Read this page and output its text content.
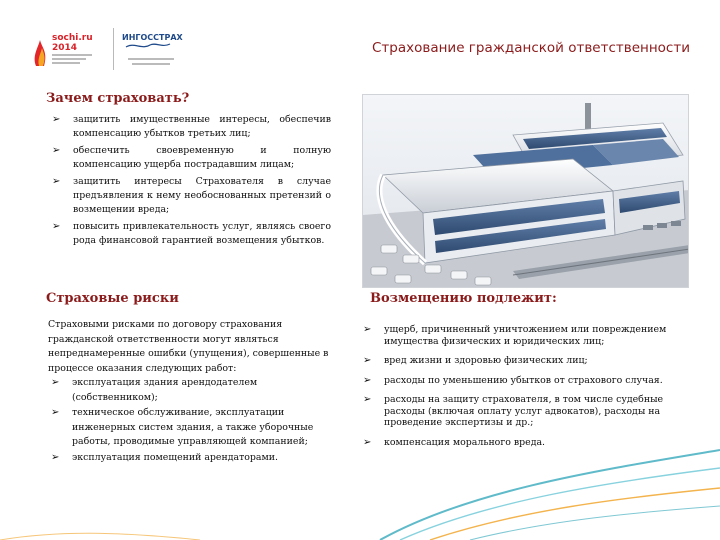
sochi.ru
2014
ИНГОССТРАХ
Страхование гражданской ответственности
Зачем страховать?
➢ защитить имущественные интересы, обеспечив компенсацию убытков третьих лиц;
➢ обеспечить своевременную и полную компенсацию ущерба пострадавшим лицам;
➢ защитить интересы Страхователя в случае предъявления к нему необоснованных претензий о возмещении вреда;
➢ повысить привлекательность услуг, являясь своего рода финансовой гарантией возмещения убытков.
Страховые риски

Страховыми рисками по договору страхования гражданской ответственности могут являться непреднамеренные ошибки (упущения), совершенные в процессе оказания следующих работ:

➢ эксплуатация здания арендодателем (собственником);
➢ техническое обслуживание, эксплуатации инженерных систем здания, а также уборочные работы, проводимые управляющей компанией;
➢ эксплуатация помещений арендаторами.
Возмещению подлежит:
➢ ущерб, причиненный уничтожением или повреждением имущества физических и юридических лиц;
➢ вред жизни и здоровью физических лиц;
➢ расходы по уменьшению убытков от страхового случая.
➢ расходы на защиту страхователя, в том числе судебные расходы (включая оплату услуг адвокатов), расходы на проведение экспертизы и др.;
➢ компенсация морального вреда.
